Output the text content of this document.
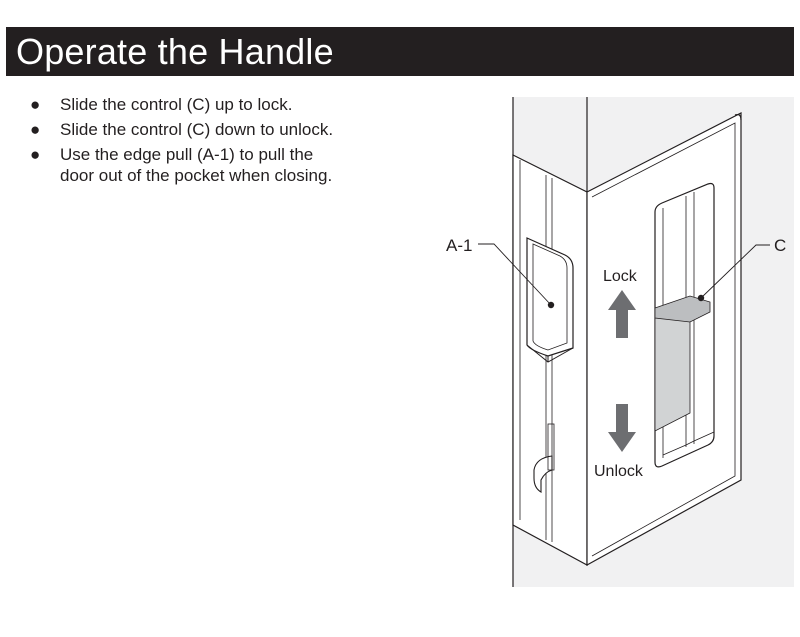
Operate the Handle
● Slide the control (C) up to lock.
● Slide the control (C) down to unlock.
● Use the edge pull (A-1) to pull the
door out of the pocket when closing.
A-1	C
Lock
Unlock
